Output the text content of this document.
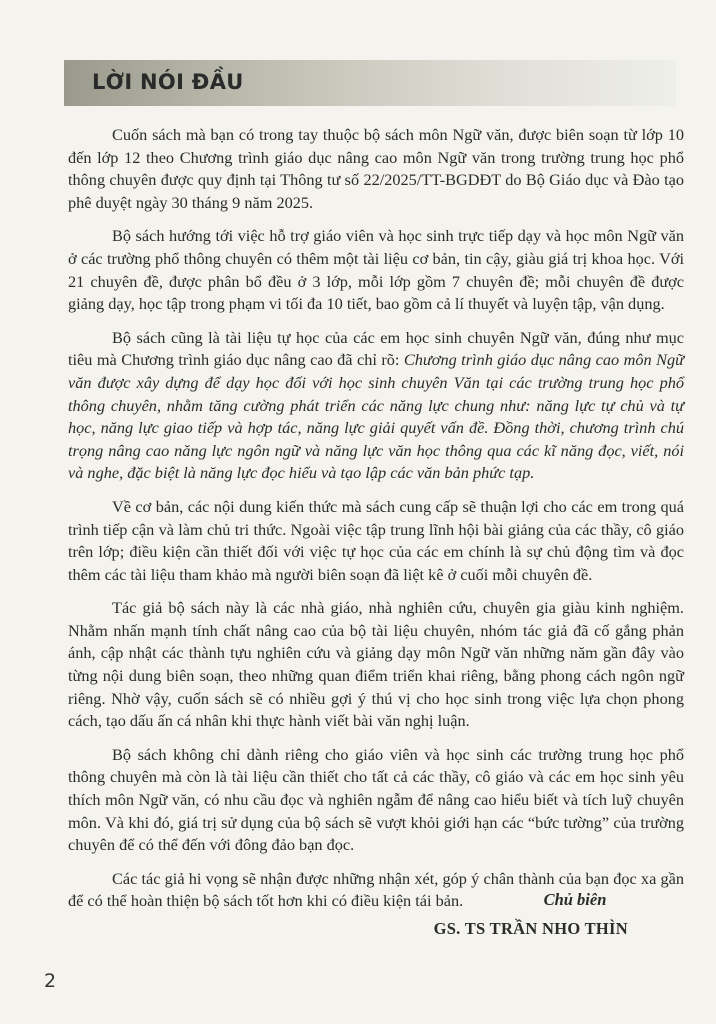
LỜI NÓI ĐẦU

Cuốn sách mà bạn có trong tay thuộc bộ sách môn Ngữ văn, được biên soạn từ lớp 10 đến lớp 12 theo Chương trình giáo dục nâng cao môn Ngữ văn trong trường trung học phổ thông chuyên được quy định tại Thông tư số 22/2025/TT-BGDĐT do Bộ Giáo dục và Đào tạo phê duyệt ngày 30 tháng 9 năm 2025.

Bộ sách hướng tới việc hỗ trợ giáo viên và học sinh trực tiếp dạy và học môn Ngữ văn ở các trường phổ thông chuyên có thêm một tài liệu cơ bản, tin cậy, giàu giá trị khoa học. Với 21 chuyên đề, được phân bổ đều ở 3 lớp, mỗi lớp gồm 7 chuyên đề; mỗi chuyên đề được giảng dạy, học tập trong phạm vi tối đa 10 tiết, bao gồm cả lí thuyết và luyện tập, vận dụng.

Bộ sách cũng là tài liệu tự học của các em học sinh chuyên Ngữ văn, đúng như mục tiêu mà Chương trình giáo dục nâng cao đã chỉ rõ: Chương trình giáo dục nâng cao môn Ngữ văn được xây dựng để dạy học đối với học sinh chuyên Văn tại các trường trung học phổ thông chuyên, nhằm tăng cường phát triển các năng lực chung như: năng lực tự chủ và tự học, năng lực giao tiếp và hợp tác, năng lực giải quyết vấn đề. Đồng thời, chương trình chú trọng nâng cao năng lực ngôn ngữ và năng lực văn học thông qua các kĩ năng đọc, viết, nói và nghe, đặc biệt là năng lực đọc hiểu và tạo lập các văn bản phức tạp.

Về cơ bản, các nội dung kiến thức mà sách cung cấp sẽ thuận lợi cho các em trong quá trình tiếp cận và làm chủ tri thức. Ngoài việc tập trung lĩnh hội bài giảng của các thầy, cô giáo trên lớp; điều kiện cần thiết đối với việc tự học của các em chính là sự chủ động tìm và đọc thêm các tài liệu tham khảo mà người biên soạn đã liệt kê ở cuối mỗi chuyên đề.

Tác giả bộ sách này là các nhà giáo, nhà nghiên cứu, chuyên gia giàu kinh nghiệm. Nhằm nhấn mạnh tính chất nâng cao của bộ tài liệu chuyên, nhóm tác giả đã cố gắng phản ánh, cập nhật các thành tựu nghiên cứu và giảng dạy môn Ngữ văn những năm gần đây vào từng nội dung biên soạn, theo những quan điểm triển khai riêng, bằng phong cách ngôn ngữ riêng. Nhờ vậy, cuốn sách sẽ có nhiều gợi ý thú vị cho học sinh trong việc lựa chọn phong cách, tạo dấu ấn cá nhân khi thực hành viết bài văn nghị luận.

Bộ sách không chỉ dành riêng cho giáo viên và học sinh các trường trung học phổ thông chuyên mà còn là tài liệu cần thiết cho tất cả các thầy, cô giáo và các em học sinh yêu thích môn Ngữ văn, có nhu cầu đọc và nghiên ngẫm để nâng cao hiểu biết và tích luỹ chuyên môn. Và khi đó, giá trị sử dụng của bộ sách sẽ vượt khỏi giới hạn các “bức tường” của trường chuyên để có thể đến với đông đảo bạn đọc.

Các tác giả hi vọng sẽ nhận được những nhận xét, góp ý chân thành của bạn đọc xa gần để có thể hoàn thiện bộ sách tốt hơn khi có điều kiện tái bản.	Chủ biên
GS. TS TRẦN NHO THÌN
2
